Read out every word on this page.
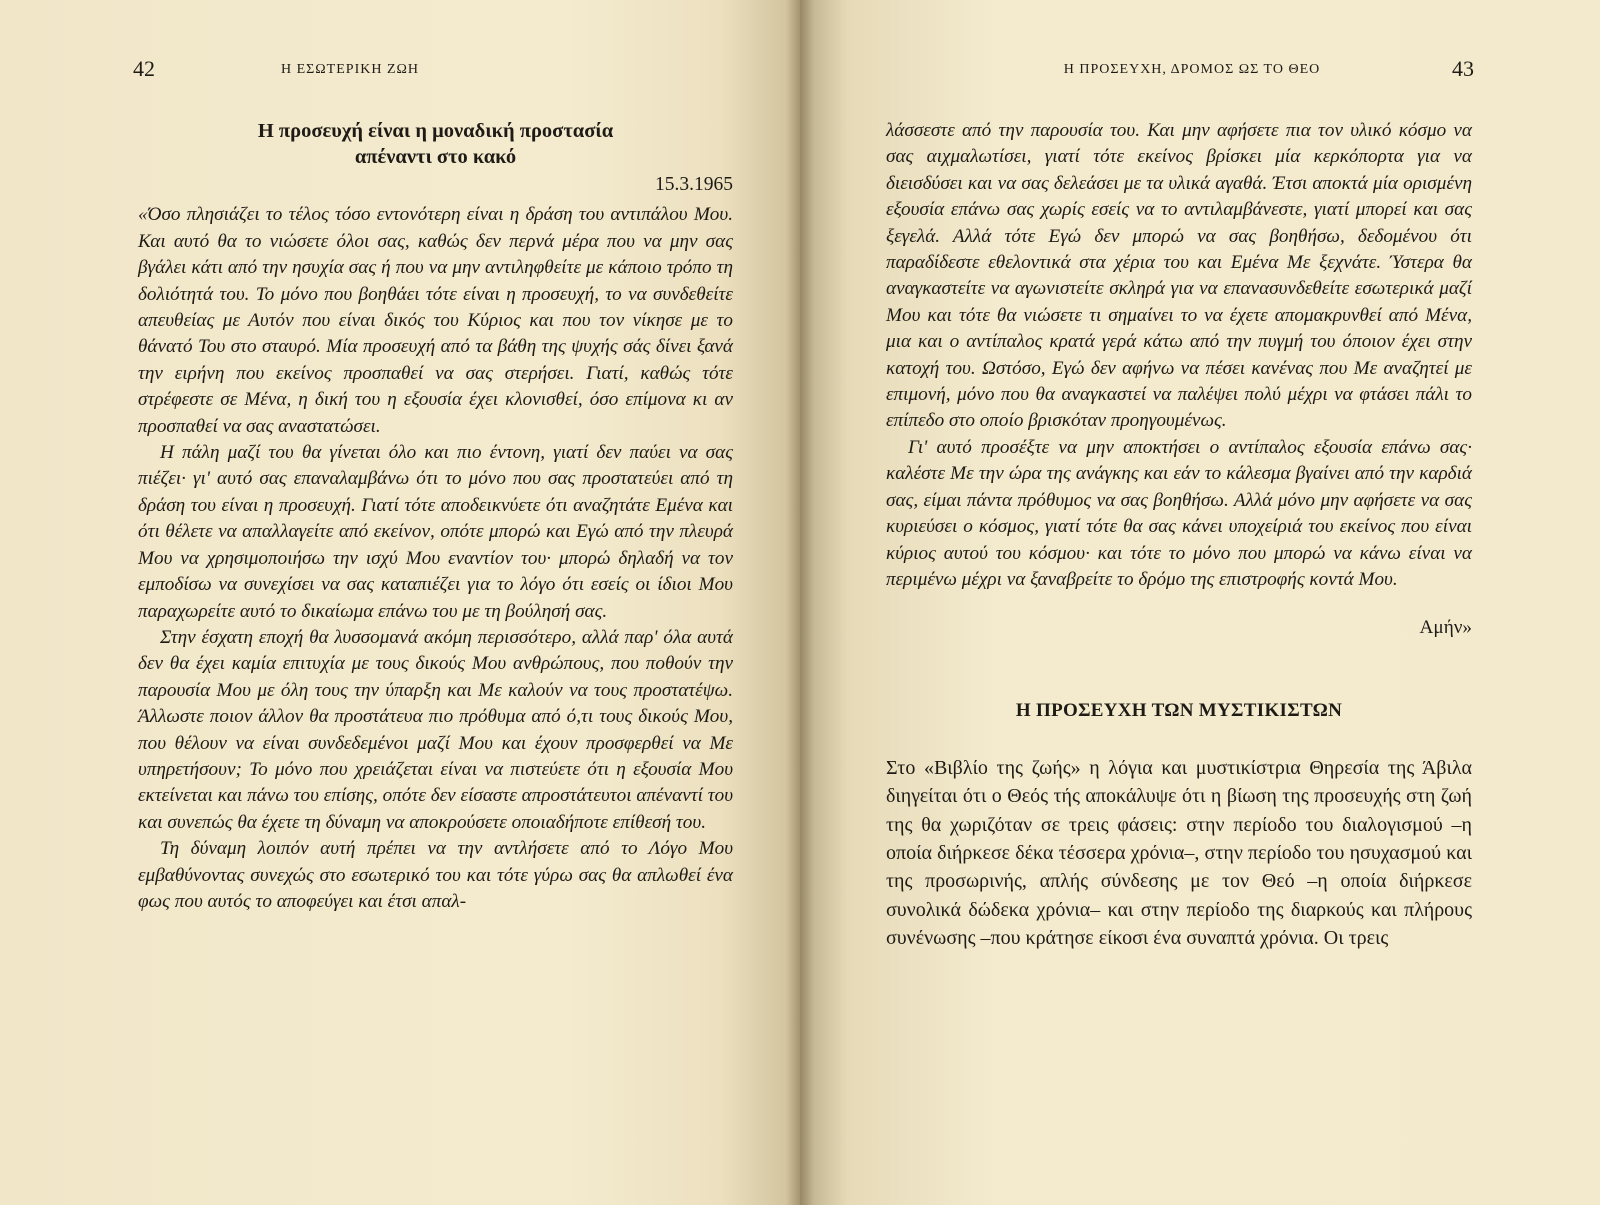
42	Η ΕΣΩΤΕΡΙΚΗ ΖΩΗ
Η προσευχή είναι η μοναδική προστασία
απέναντι στο κακό
15.3.1965

«Όσο πλησιάζει το τέλος τόσο εντονότερη είναι η δράση του αντιπάλου Μου. Και αυτό θα το νιώσετε όλοι σας, καθώς δεν περνά μέρα που να μην σας βγάλει κάτι από την ησυχία σας ή που να μην αντιληφθείτε με κάποιο τρόπο τη δολιότητά του. Το μόνο που βοηθάει τότε είναι η προσευχή, το να συνδεθείτε απευθείας με Αυτόν που είναι δικός του Κύριος και που τον νίκησε με το θάνατό Του στο σταυρό. Μία προσευχή από τα βάθη της ψυχής σάς δίνει ξανά την ειρήνη που εκείνος προσπαθεί να σας στερήσει. Γιατί, καθώς τότε στρέφεστε σε Μένα, η δική του η εξουσία έχει κλονισθεί, όσο επίμονα κι αν προσπαθεί να σας αναστατώσει.

Η πάλη μαζί του θα γίνεται όλο και πιο έντονη, γιατί δεν παύει να σας πιέζει· γι' αυτό σας επαναλαμβάνω ότι το μόνο που σας προστατεύει από τη δράση του είναι η προσευχή. Γιατί τότε αποδεικνύετε ότι αναζητάτε Εμένα και ότι θέλετε να απαλλαγείτε από εκείνον, οπότε μπορώ και Εγώ από την πλευρά Μου να χρησιμοποιήσω την ισχύ Μου εναντίον του· μπορώ δηλαδή να τον εμποδίσω να συνεχίσει να σας καταπιέζει για το λόγο ότι εσείς οι ίδιοι Μου παραχωρείτε αυτό το δικαίωμα επάνω του με τη βούλησή σας.

Στην έσχατη εποχή θα λυσσομανά ακόμη περισσότερο, αλλά παρ' όλα αυτά δεν θα έχει καμία επιτυχία με τους δικούς Μου ανθρώπους, που ποθούν την παρουσία Μου με όλη τους την ύπαρξη και Με καλούν να τους προστατέψω. Άλλωστε ποιον άλλον θα προστάτευα πιο πρόθυμα από ό,τι τους δικούς Μου, που θέλουν να είναι συνδεδεμένοι μαζί Μου και έχουν προσφερθεί να Με υπηρετήσουν; Το μόνο που χρειάζεται είναι να πιστεύετε ότι η εξουσία Μου εκτείνεται και πάνω του επίσης, οπότε δεν είσαστε απροστάτευτοι απέναντί του και συνεπώς θα έχετε τη δύναμη να αποκρούσετε οποιαδήποτε επίθεσή του.

Τη δύναμη λοιπόν αυτή πρέπει να την αντλήσετε από το Λόγο Μου εμβαθύνοντας συνεχώς στο εσωτερικό του και τότε γύρω σας θα απλωθεί ένα φως που αυτός το αποφεύγει και έτσι απαλ-

Η ΠΡΟΣΕΥΧΗ, ΔΡΟΜΟΣ ΩΣ ΤΟ ΘΕΟ	43

λάσσεστε από την παρουσία του. Και μην αφήσετε πια τον υλικό κόσμο να σας αιχμαλωτίσει, γιατί τότε εκείνος βρίσκει μία κερκόπορτα για να διεισδύσει και να σας δελεάσει με τα υλικά αγαθά. Έτσι αποκτά μία ορισμένη εξουσία επάνω σας χωρίς εσείς να το αντιλαμβάνεστε, γιατί μπορεί και σας ξεγελά. Αλλά τότε Εγώ δεν μπορώ να σας βοηθήσω, δεδομένου ότι παραδίδεστε εθελοντικά στα χέρια του και Εμένα Με ξεχνάτε. Ύστερα θα αναγκαστείτε να αγωνιστείτε σκληρά για να επανασυνδεθείτε εσωτερικά μαζί Μου και τότε θα νιώσετε τι σημαίνει το να έχετε απομακρυνθεί από Μένα, μια και ο αντίπαλος κρατά γερά κάτω από την πυγμή του όποιον έχει στην κατοχή του. Ωστόσο, Εγώ δεν αφήνω να πέσει κανένας που Με αναζητεί με επιμονή, μόνο που θα αναγκαστεί να παλέψει πολύ μέχρι να φτάσει πάλι το επίπεδο στο οποίο βρισκόταν προηγουμένως.

Γι' αυτό προσέξτε να μην αποκτήσει ο αντίπαλος εξουσία επάνω σας· καλέστε Με την ώρα της ανάγκης και εάν το κάλεσμα βγαίνει από την καρδιά σας, είμαι πάντα πρόθυμος να σας βοηθήσω. Αλλά μόνο μην αφήσετε να σας κυριεύσει ο κόσμος, γιατί τότε θα σας κάνει υποχείριά του εκείνος που είναι κύριος αυτού του κόσμου· και τότε το μόνο που μπορώ να κάνω είναι να περιμένω μέχρι να ξαναβρείτε το δρόμο της επιστροφής κοντά Μου.

Αμήν»
Η ΠΡΟΣΕΥΧΗ ΤΩΝ ΜΥΣΤΙΚΙΣΤΩΝ

Στο «Βιβλίο της ζωής» η λόγια και μυστικίστρια Θηρεσία της Άβιλα διηγείται ότι ο Θεός τής αποκάλυψε ότι η βίωση της προσευχής στη ζωή της θα χωριζόταν σε τρεις φάσεις: στην περίοδο του διαλογισμού –η οποία διήρκεσε δέκα τέσσερα χρόνια–, στην περίοδο του ησυχασμού και της προσωρινής, απλής σύνδεσης με τον Θεό –η οποία διήρκεσε συνολικά δώδεκα χρόνια– και στην περίοδο της διαρκούς και πλήρους συνένωσης –που κράτησε είκοσι ένα συναπτά χρόνια. Οι τρεις
